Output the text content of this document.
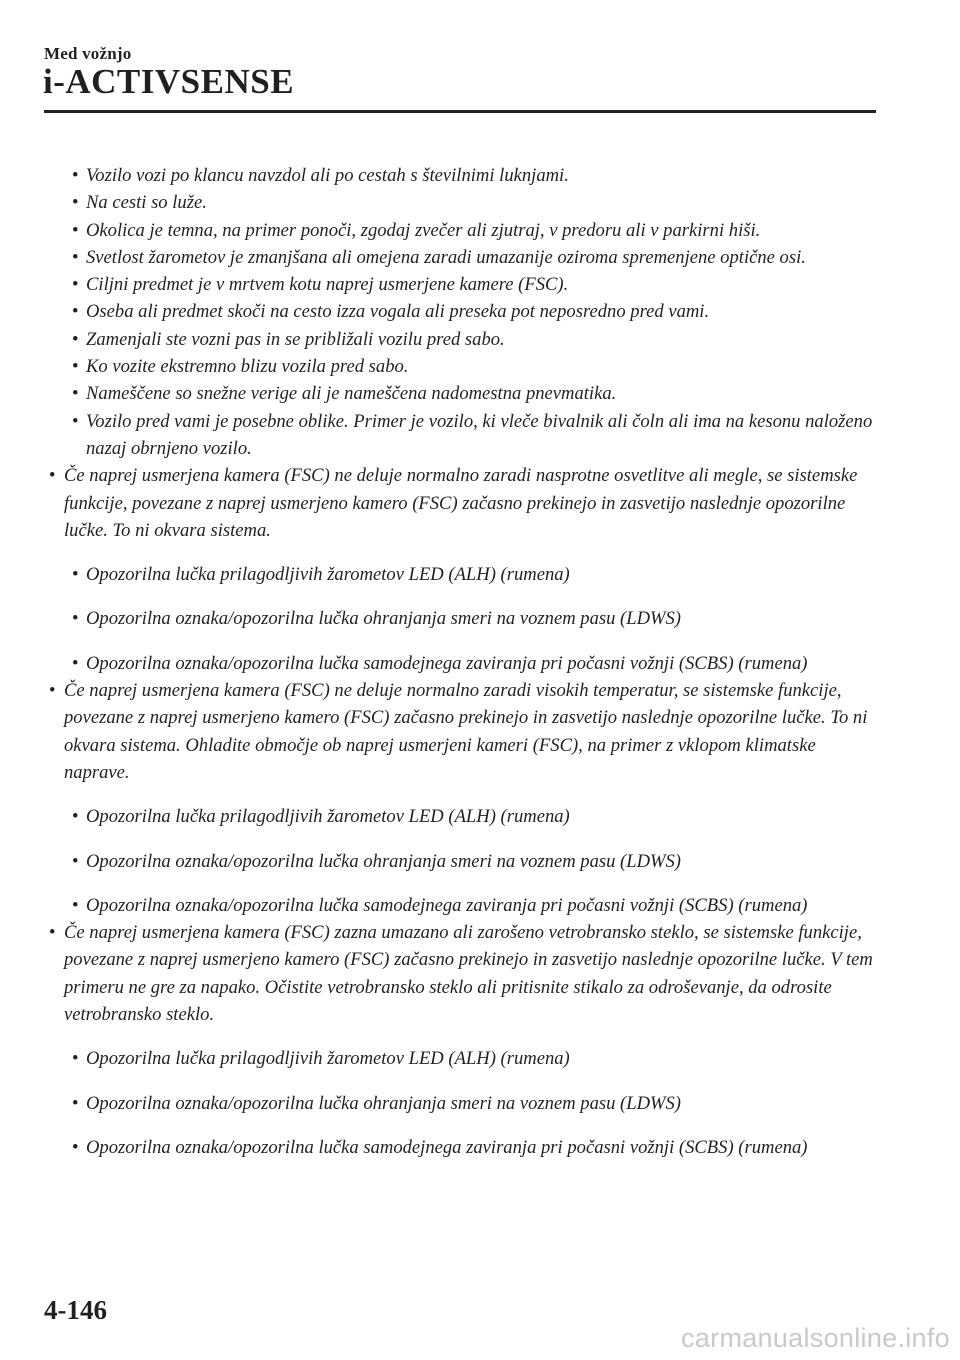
Med vožnjo
i-ACTIVSENSE
• Vozilo vozi po klancu navzdol ali po cestah s številnimi luknjami.
• Na cesti so luže.
• Okolica je temna, na primer ponoči, zgodaj zvečer ali zjutraj, v predoru ali v parkirni hiši.
• Svetlost žarometov je zmanjšana ali omejena zaradi umazanije oziroma spremenjene optične osi.
• Ciljni predmet je v mrtvem kotu naprej usmerjene kamere (FSC).
• Oseba ali predmet skoči na cesto izza vogala ali preseka pot neposredno pred vami.
• Zamenjali ste vozni pas in se približali vozilu pred sabo.
• Ko vozite ekstremno blizu vozila pred sabo.
• Nameščene so snežne verige ali je nameščena nadomestna pnevmatika.
• Vozilo pred vami je posebne oblike. Primer je vozilo, ki vleče bivalnik ali čoln ali ima na kesonu naloženo nazaj obrnjeno vozilo.
• Če naprej usmerjena kamera (FSC) ne deluje normalno zaradi nasprotne osvetlitve ali megle, se sistemske funkcije, povezane z naprej usmerjeno kamero (FSC) začasno prekinejo in zasvetijo naslednje opozorilne lučke. To ni okvara sistema.
• Opozorilna lučka prilagodljivih žarometov LED (ALH) (rumena)
• Opozorilna oznaka/opozorilna lučka ohranjanja smeri na voznem pasu (LDWS)
• Opozorilna oznaka/opozorilna lučka samodejnega zaviranja pri počasni vožnji (SCBS) (rumena)
• Če naprej usmerjena kamera (FSC) ne deluje normalno zaradi visokih temperatur, se sistemske funkcije, povezane z naprej usmerjeno kamero (FSC) začasno prekinejo in zasvetijo naslednje opozorilne lučke. To ni okvara sistema. Ohladite območje ob naprej usmerjeni kameri (FSC), na primer z vklopom klimatske naprave.
• Opozorilna lučka prilagodljivih žarometov LED (ALH) (rumena)
• Opozorilna oznaka/opozorilna lučka ohranjanja smeri na voznem pasu (LDWS)
• Opozorilna oznaka/opozorilna lučka samodejnega zaviranja pri počasni vožnji (SCBS) (rumena)
• Če naprej usmerjena kamera (FSC) zazna umazano ali zarošeno vetrobransko steklo, se sistemske funkcije, povezane z naprej usmerjeno kamero (FSC) začasno prekinejo in zasvetijo naslednje opozorilne lučke. V tem primeru ne gre za napako. Očistite vetrobransko steklo ali pritisnite stikalo za odroševanje, da odrosite vetrobransko steklo.
• Opozorilna lučka prilagodljivih žarometov LED (ALH) (rumena)
• Opozorilna oznaka/opozorilna lučka ohranjanja smeri na voznem pasu (LDWS)
• Opozorilna oznaka/opozorilna lučka samodejnega zaviranja pri počasni vožnji (SCBS) (rumena)
4-146
carmanualsonline.info
